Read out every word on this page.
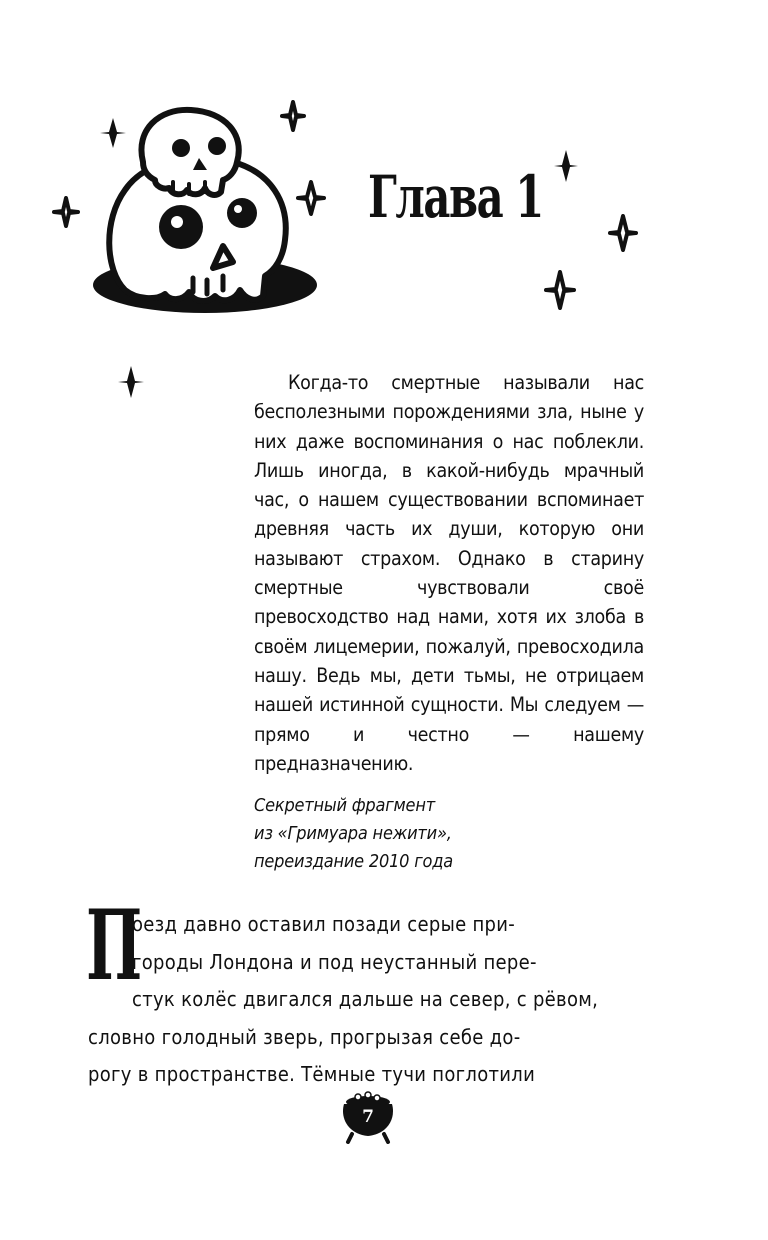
Глава 1

Когда-то смертные называли нас бесполезными порождениями зла, ныне у них даже воспоминания о нас поблекли. Лишь иногда, в какой-нибудь мрачный час, о нашем существовании вспоминает древняя часть их души, которую они называют страхом. Однако в старину смертные чувствовали своё превосходство над нами, хотя их злоба в своём лицемерии, пожалуй, превосходила нашу. Ведь мы, дети тьмы, не отрицаем нашей истинной сущности. Мы следуем — прямо и честно — нашему предназначению.

Секретный фрагмент
из «Гримуара нежити»,
переиздание 2010 года
П
оезд давно оставил позади серые при-
городы Лондона и под неустанный пере-
стук колёс двигался дальше на север, с рёвом,
словно голодный зверь, прогрызая себе до-
рогу в пространстве. Тёмные тучи поглотили
7
